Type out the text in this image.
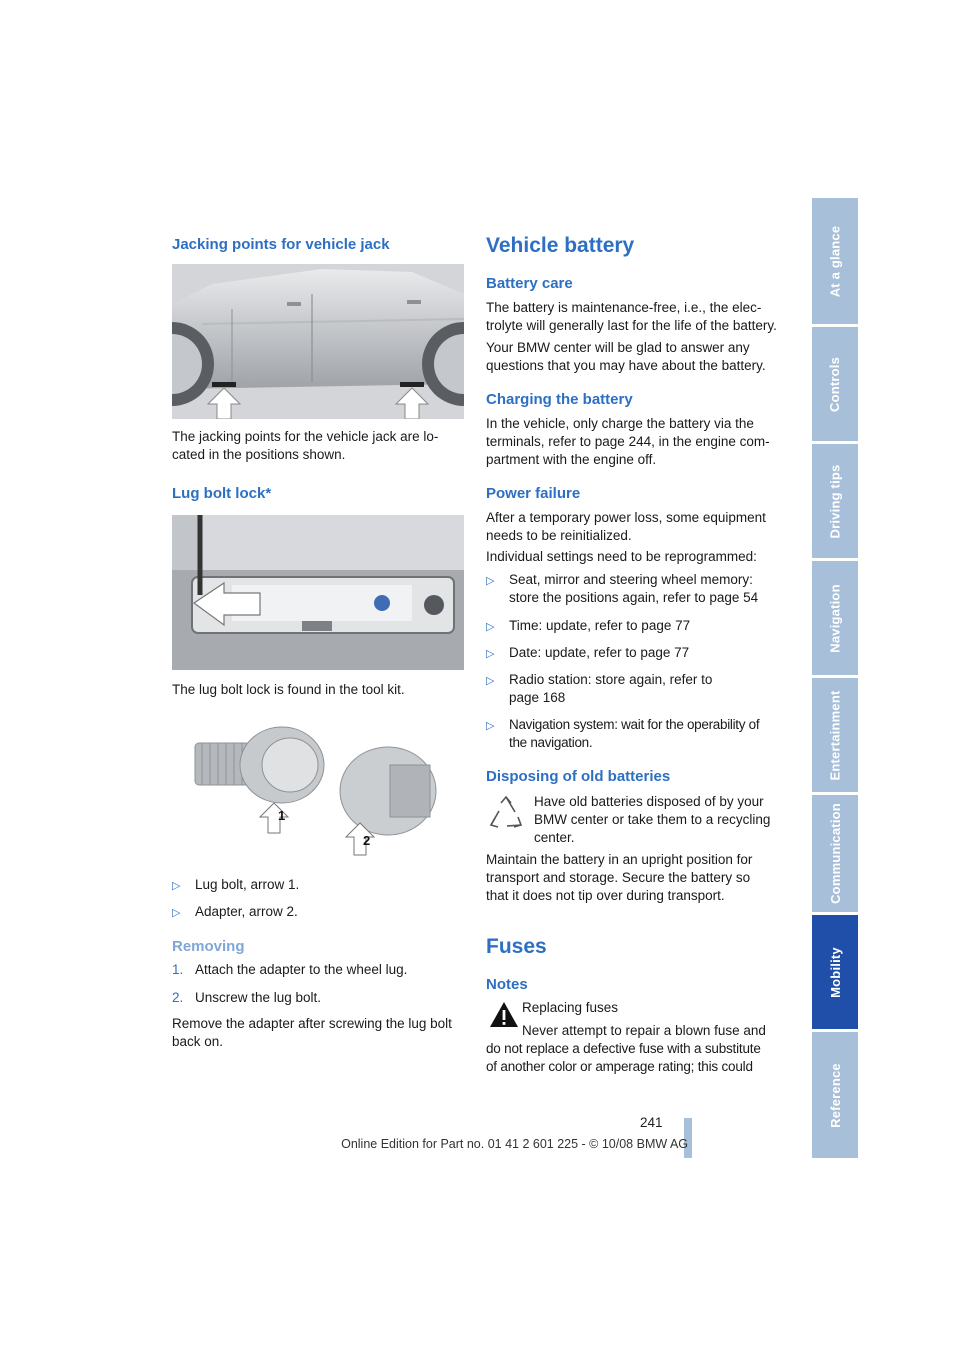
At a glance
Controls
Driving tips
Navigation
Entertainment
Communication
Mobility
Reference
Jacking points for vehicle jack
The jacking points for the vehicle jack are lo-
cated in the positions shown.
Lug bolt lock*
The lug bolt lock is found in the tool kit.
1
2
▷ Lug bolt, arrow 1.
▷ Adapter, arrow 2.
Removing
1. Attach the adapter to the wheel lug.
2. Unscrew the lug bolt.
Remove the adapter after screwing the lug bolt
back on.
Vehicle battery
Battery care
The battery is maintenance-free, i.e., the elec-
trolyte will generally last for the life of the battery.
Your BMW center will be glad to answer any
questions that you may have about the battery.
Charging the battery
In the vehicle, only charge the battery via the
terminals, refer to page 244, in the engine com-
partment with the engine off.
Power failure
After a temporary power loss, some equipment
needs to be reinitialized.
Individual settings need to be reprogrammed:
▷ Seat, mirror and steering wheel memory:
store the positions again, refer to page 54
▷ Time: update, refer to page 77
▷ Date: update, refer to page 77
▷ Radio station: store again, refer to
page 168
▷ Navigation system: wait for the operability of
the navigation.
Disposing of old batteries
Have old batteries disposed of by your
BMW center or take them to a recycling
center.
Maintain the battery in an upright position for
transport and storage. Secure the battery so
that it does not tip over during transport.
Fuses
Notes
Replacing fuses
Never attempt to repair a blown fuse and
do not replace a defective fuse with a substitute
of another color or amperage rating; this could
241
Online Edition for Part no. 01 41 2 601 225 - © 10/08 BMW AG
